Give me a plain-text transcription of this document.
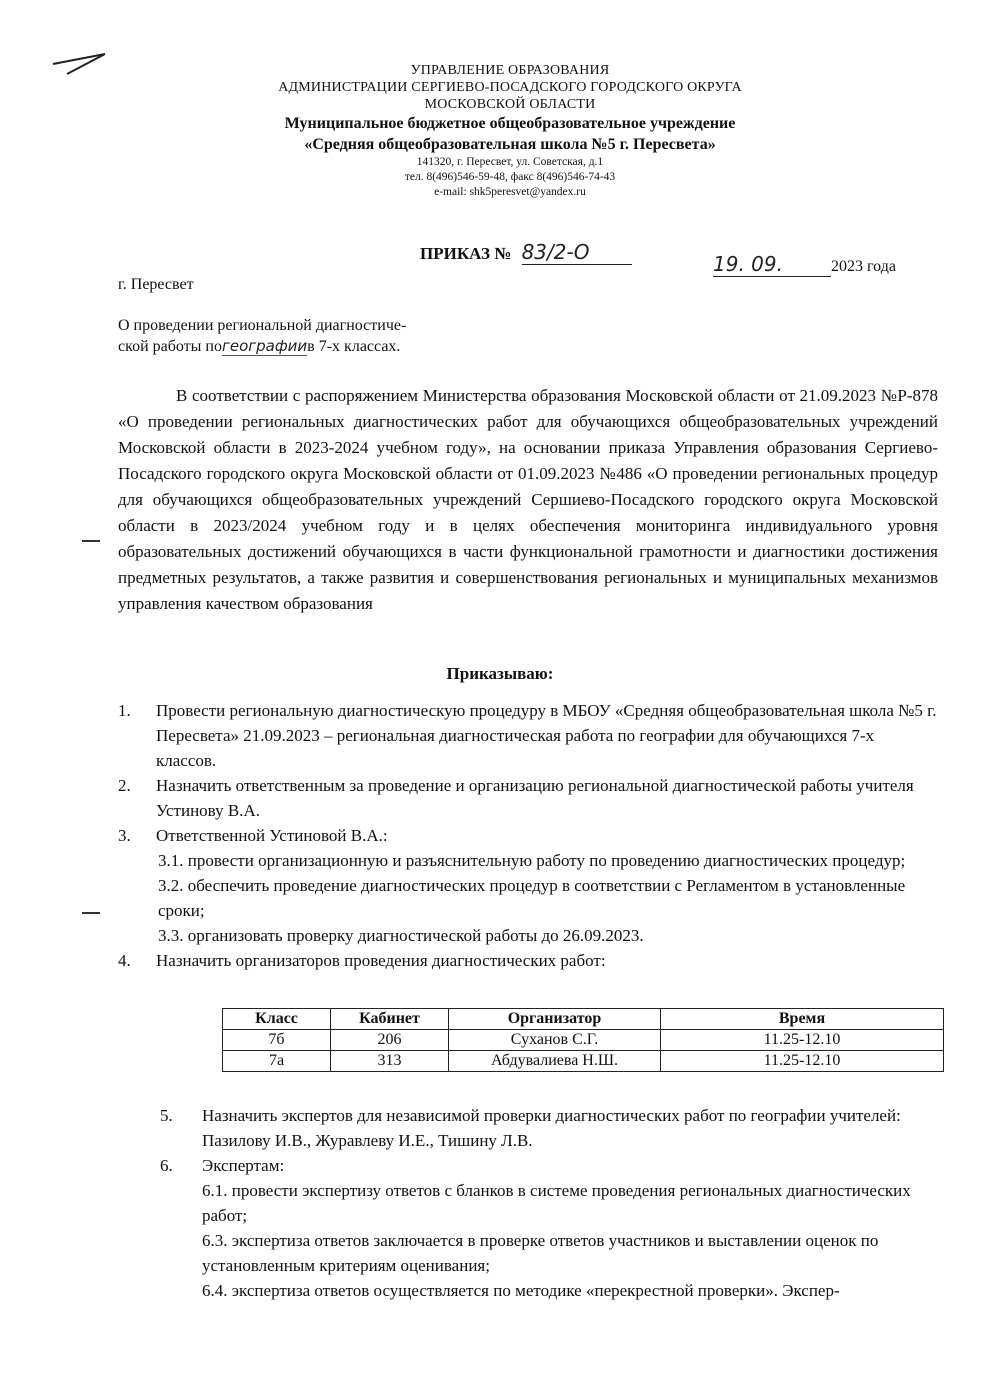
УПРАВЛЕНИЕ ОБРАЗОВАНИЯ
АДМИНИСТРАЦИИ СЕРГИЕВО-ПОСАДСКОГО ГОРОДСКОГО ОКРУГА
МОСКОВСКОЙ ОБЛАСТИ
Муниципальное бюджетное общеобразовательное учреждение
«Средняя общеобразовательная школа №5 г. Пересвета»
141320, г. Пересвет, ул. Советская, д.1
тел. 8(496)546-59-48, факс 8(496)546-74-43
e-mail: shk5peresvet@yandex.ru
ПРИКАЗ № 83/2-О	19. 09.	2023 года
г. Пересвет
О проведении региональной диагностиче-
ской работы погеографиив 7-х классах.

В соответствии с распоряжением Министерства образования Московской области от 21.09.2023 №Р-878 «О проведении региональных диагностических работ для обучающихся общеобразовательных учреждений Московской области в 2023-2024 учебном году», на основании приказа Управления образования Сергиево-Посадского городского округа Московской области от 01.09.2023 №486 «О проведении региональных процедур для обучающихся общеобразовательных учреждений Сершиево-Посадского городского округа Московской области в 2023/2024 учебном году и в целях обеспечения мониторинга индивидуального уровня образовательных достижений обучающихся в части функциональной грамотности и диагностики достижения предметных результатов, а также развития и совершенствования региональных и муниципальных механизмов управления качеством образования

Приказываю:
1. Провести региональную диагностическую процедуру в МБОУ «Средняя общеобразовательная школа №5 г. Пересвета» 21.09.2023 – региональная диагностическая работа по географии для обучающихся 7-х классов.
2. Назначить ответственным за проведение и организацию региональной диагностической работы учителя Устинову В.А.
3. Ответственной Устиновой В.А.:
3.1. провести организационную и разъяснительную работу по проведению диагностических процедур;
3.2. обеспечить проведение диагностических процедур в соответствии с Регламентом в установленные сроки;
3.3. организовать проверку диагностической работы до 26.09.2023.
4. Назначить организаторов проведения диагностических работ:
Класс	Кабинет	Организатор	Время
7б	206	Суханов С.Г.	11.25-12.10
7а	313	Абдувалиева Н.Ш.	11.25-12.10
5. Назначить экспертов для независимой проверки диагностических работ по географии учителей: Пазилову И.В., Журавлеву И.Е., Тишину Л.В.
6. Экспертам:
6.1. провести экспертизу ответов с бланков в системе проведения региональных диагностических работ;
6.3. экспертиза ответов заключается в проверке ответов участников и выставлении оценок по установленным критериям оценивания;
6.4. экспертиза ответов осуществляется по методике «перекрестной проверки». Экспер-
